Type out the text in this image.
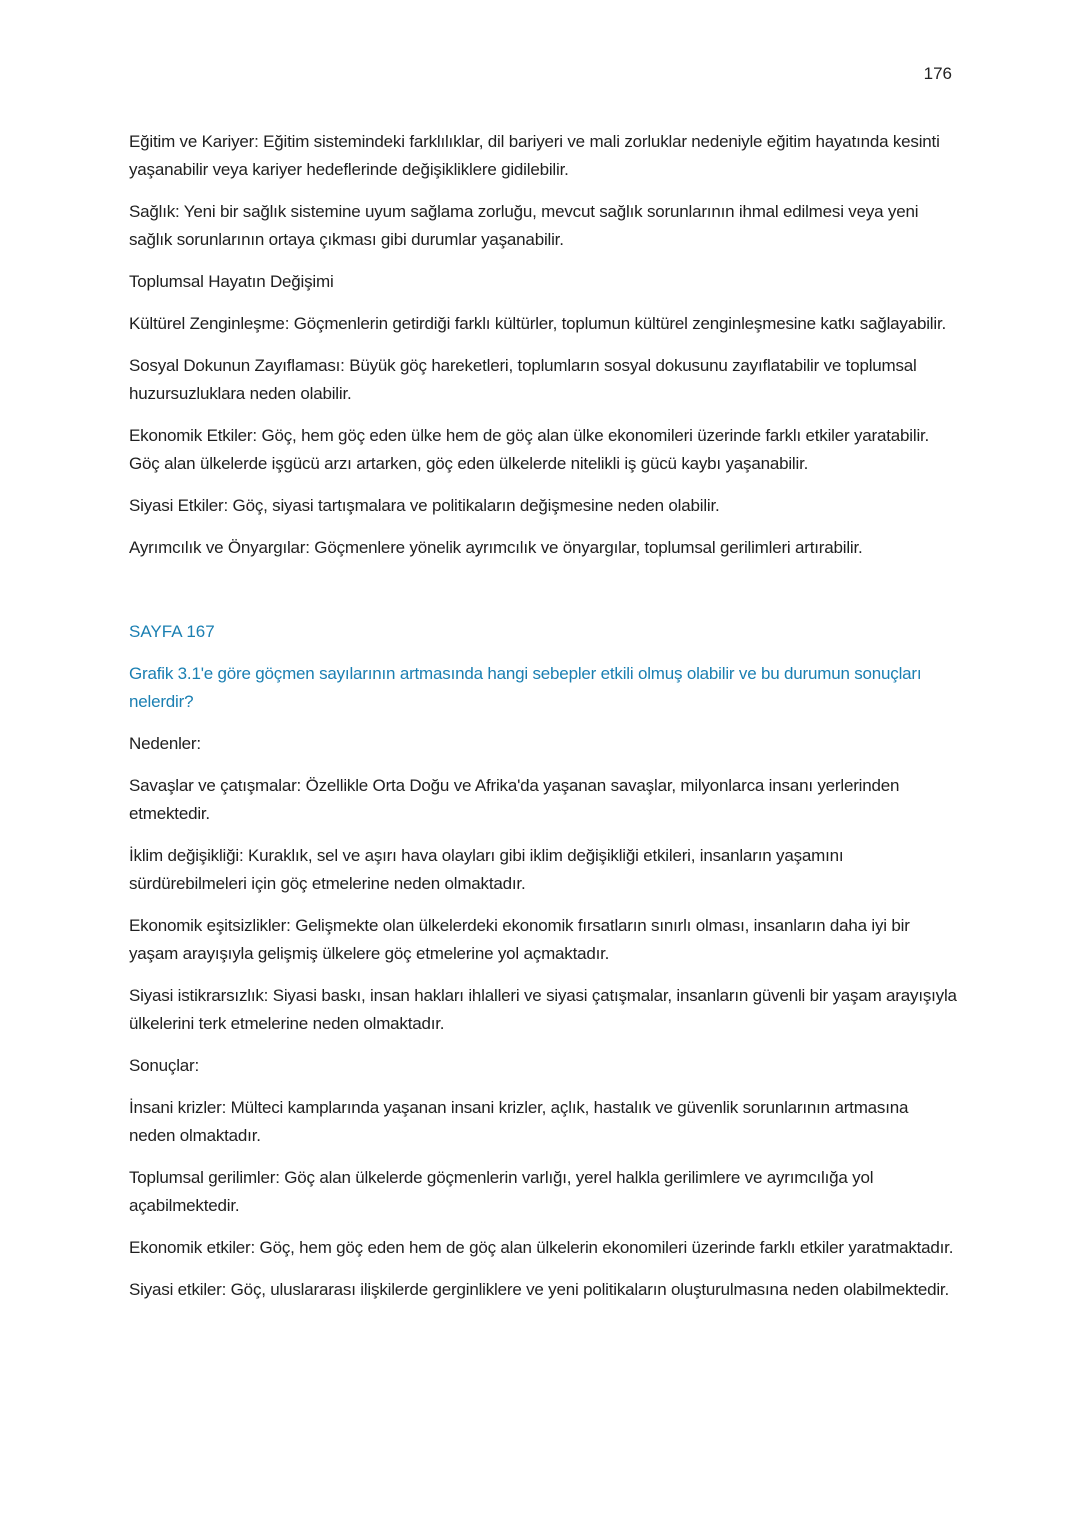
176

Eğitim ve Kariyer: Eğitim sistemindeki farklılıklar, dil bariyeri ve mali zorluklar nedeniyle eğitim hayatında kesinti yaşanabilir veya kariyer hedeflerinde değişikliklere gidilebilir.

Sağlık: Yeni bir sağlık sistemine uyum sağlama zorluğu, mevcut sağlık sorunlarının ihmal edilmesi veya yeni sağlık sorunlarının ortaya çıkması gibi durumlar yaşanabilir.

Toplumsal Hayatın Değişimi

Kültürel Zenginleşme: Göçmenlerin getirdiği farklı kültürler, toplumun kültürel zenginleşmesine katkı sağlayabilir.

Sosyal Dokunun Zayıflaması: Büyük göç hareketleri, toplumların sosyal dokusunu zayıflatabilir ve toplumsal huzursuzluklara neden olabilir.

Ekonomik Etkiler: Göç, hem göç eden ülke hem de göç alan ülke ekonomileri üzerinde farklı etkiler yaratabilir. Göç alan ülkelerde işgücü arzı artarken, göç eden ülkelerde nitelikli iş gücü kaybı yaşanabilir.

Siyasi Etkiler: Göç, siyasi tartışmalara ve politikaların değişmesine neden olabilir.

Ayrımcılık ve Önyargılar: Göçmenlere yönelik ayrımcılık ve önyargılar, toplumsal gerilimleri artırabilir.

SAYFA 167

Grafik 3.1'e göre göçmen sayılarının artmasında hangi sebepler etkili olmuş olabilir ve bu durumun sonuçları nelerdir?

Nedenler:

Savaşlar ve çatışmalar: Özellikle Orta Doğu ve Afrika'da yaşanan savaşlar, milyonlarca insanı yerlerinden etmektedir.

İklim değişikliği: Kuraklık, sel ve aşırı hava olayları gibi iklim değişikliği etkileri, insanların yaşamını sürdürebilmeleri için göç etmelerine neden olmaktadır.

Ekonomik eşitsizlikler: Gelişmekte olan ülkelerdeki ekonomik fırsatların sınırlı olması, insanların daha iyi bir yaşam arayışıyla gelişmiş ülkelere göç etmelerine yol açmaktadır.

Siyasi istikrarsızlık: Siyasi baskı, insan hakları ihlalleri ve siyasi çatışmalar, insanların güvenli bir yaşam arayışıyla ülkelerini terk etmelerine neden olmaktadır.

Sonuçlar:

İnsani krizler: Mülteci kamplarında yaşanan insani krizler, açlık, hastalık ve güvenlik sorunlarının artmasına neden olmaktadır.

Toplumsal gerilimler: Göç alan ülkelerde göçmenlerin varlığı, yerel halkla gerilimlere ve ayrımcılığa yol açabilmektedir.

Ekonomik etkiler: Göç, hem göç eden hem de göç alan ülkelerin ekonomileri üzerinde farklı etkiler yaratmaktadır.

Siyasi etkiler: Göç, uluslararası ilişkilerde gerginliklere ve yeni politikaların oluşturulmasına neden olabilmektedir.
